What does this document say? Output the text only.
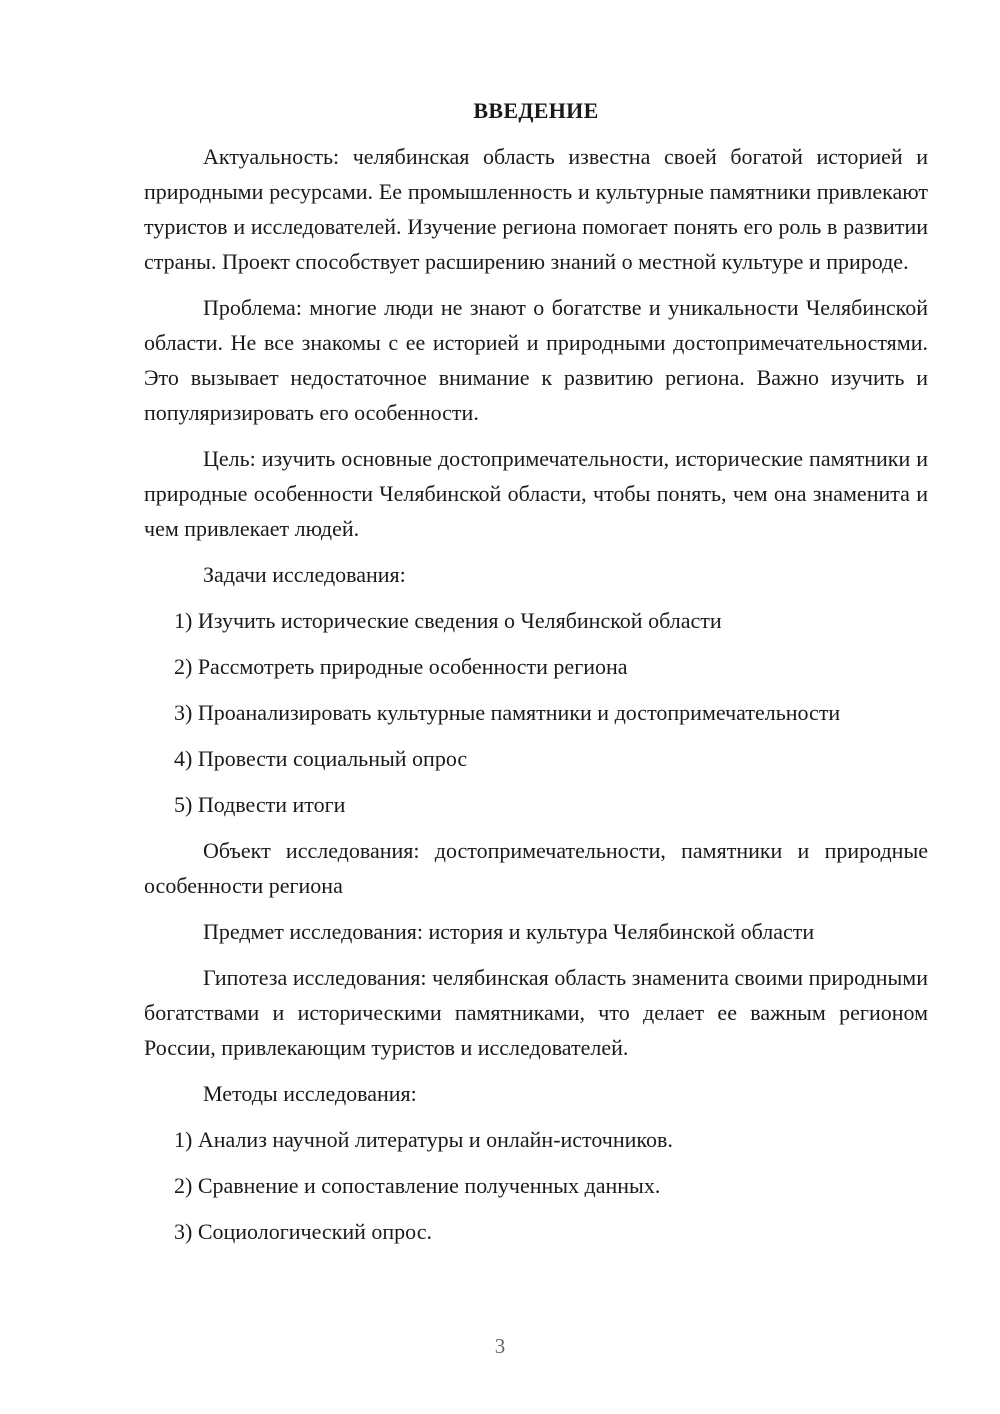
ВВЕДЕНИЕ

Актуальность: челябинская область известна своей богатой историей и природными ресурсами. Ее промышленность и культурные памятники привлекают туристов и исследователей. Изучение региона помогает понять его роль в развитии страны. Проект способствует расширению знаний о местной культуре и природе.

Проблема: многие люди не знают о богатстве и уникальности Челябинской области. Не все знакомы с ее историей и природными достопримечательностями. Это вызывает недостаточное внимание к развитию региона. Важно изучить и популяризировать его особенности.

Цель: изучить основные достопримечательности, исторические памятники и природные особенности Челябинской области, чтобы понять, чем она знаменита и чем привлекает людей.

Задачи исследования:

1) Изучить исторические сведения о Челябинской области

2) Рассмотреть природные особенности региона

3) Проанализировать культурные памятники и достопримечательности

4) Провести социальный опрос

5) Подвести итоги

Объект исследования: достопримечательности, памятники и природные особенности региона

Предмет исследования: история и культура Челябинской области

Гипотеза исследования: челябинская область знаменита своими природными богатствами и историческими памятниками, что делает ее важным регионом России, привлекающим туристов и исследователей.

Методы исследования:

1) Анализ научной литературы и онлайн-источников.

2) Сравнение и сопоставление полученных данных.

3) Социологический опрос.

3
